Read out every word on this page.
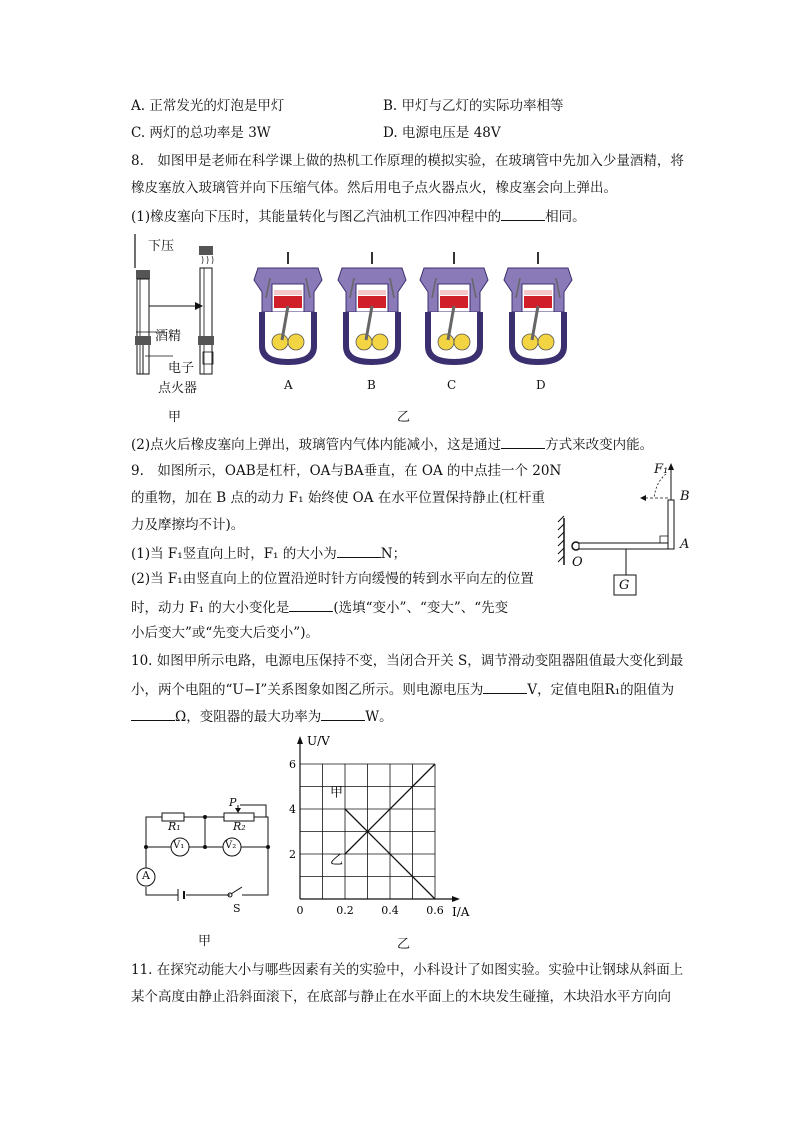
A. 正常发光的灯泡是甲灯	B. 甲灯与乙灯的实际功率相等
C. 两灯的总功率是 3W	D. 电源电压是 48V
8.　如图甲是老师在科学课上做的热机工作原理的模拟实验，在玻璃管中先加入少量酒精，将
橡皮塞放入玻璃管并向下压缩气体。然后用电子点火器点火，橡皮塞会向上弹出。
(1)橡皮塞向下压时，其能量转化与图乙汽油机工作四冲程中的	相同。
下压
酒精
电子
点火器
甲
A	B	C	D
乙
(2)点火后橡皮塞向上弹出，玻璃管内气体内能减小，这是通过	方式来改变内能。
9.　如图所示，OAB是杠杆，OA与BA垂直，在 OA 的中点挂一个 20N
的重物，加在 B 点的动力 F₁ 始终使 OA 在水平位置保持静止(杠杆重
力及摩擦均不计)。
(1)当 F₁竖直向上时，F₁ 的大小为	N；
(2)当 F₁由竖直向上的位置沿逆时针方向缓慢的转到水平向左的位置
时，动力 F₁ 的大小变化是	(选填“变小”、“变大”、“先变
小后变大”或“先变大后变小”)。
F₁
B
A
O
G
10. 如图甲所示电路，电源电压保持不变，当闭合开关 S，调节滑动变阻器阻值最大变化到最
小，两个电阻的“U−I”关系图象如图乙所示。则电源电压为	V，定值电阻R₁的阻值为
Ω，变阻器的最大功率为	W。
R₁	R₂
P
V₁	V₂
A
S
甲
甲
乙
0	0.2	0.4	0.6
2
4
6
U/V
I/A
乙
11. 在探究动能大小与哪些因素有关的实验中，小科设计了如图实验。实验中让钢球从斜面上
某个高度由静止沿斜面滚下，在底部与静止在水平面上的木块发生碰撞，木块沿水平方向向
